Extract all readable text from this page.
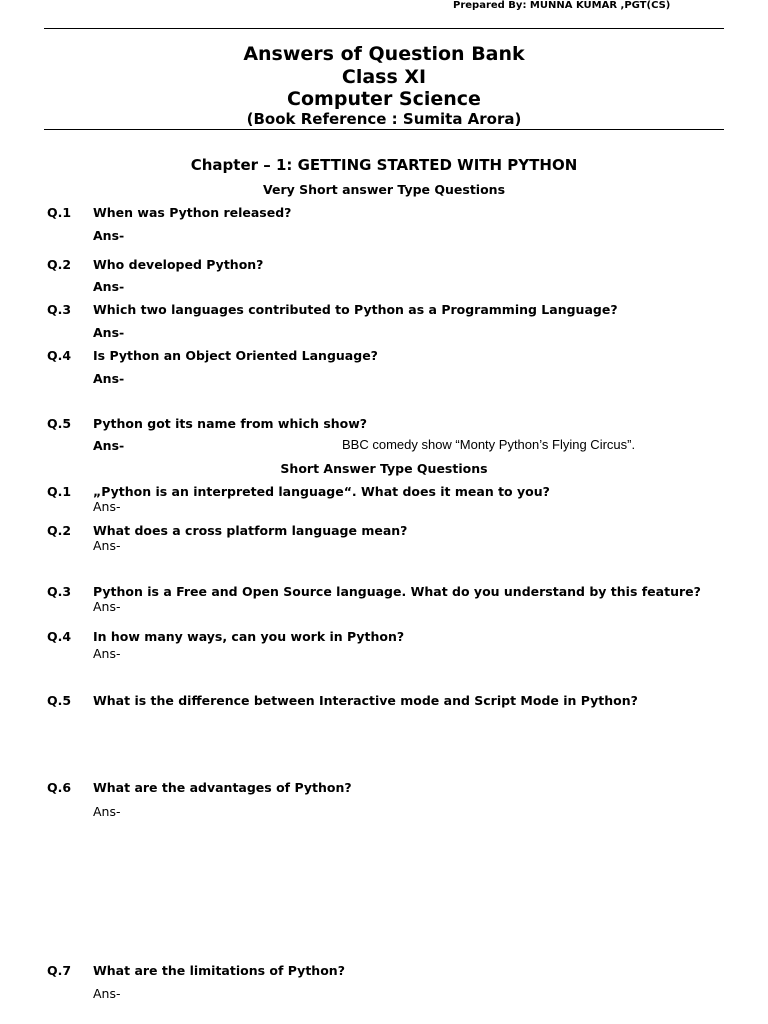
Prepared By: MUNNA KUMAR ,PGT(CS)
Answers of Question Bank
Class XI
Computer Science
(Book Reference : Sumita Arora)
Chapter – 1: GETTING STARTED WITH PYTHON
Very Short answer Type Questions
Q.1 When was Python released?
Ans-
Q.2 Who developed Python?
Ans-
Q.3 Which two languages contributed to Python as a Programming Language?
Ans-
Q.4 Is Python an Object Oriented Language?
Ans-
Q.5 Python got its name from which show?
Ans-	BBC comedy show “Monty Python’s Flying Circus”.
Short Answer Type Questions
Q.1 „Python is an interpreted language“. What does it mean to you?
Ans-
Q.2 What does a cross platform language mean?
Ans-
Q.3 Python is a Free and Open Source language. What do you understand by this feature?
Ans-
Q.4 In how many ways, can you work in Python?
Ans-
Q.5 What is the difference between Interactive mode and Script Mode in Python?
Q.6 What are the advantages of Python?
Ans-
Q.7 What are the limitations of Python?
Ans-
